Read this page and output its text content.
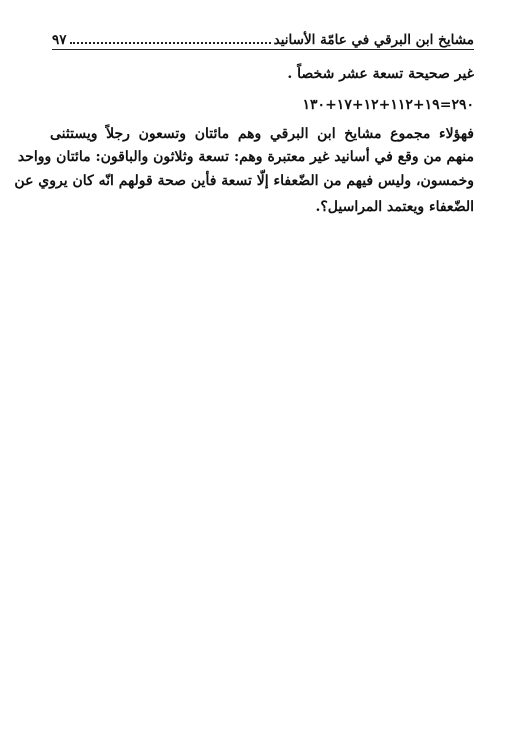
مشايخ ابن البرقي في عامّة الأسانيد
٩٧
غير صحيحة تسعة عشر شخصاً .
٢٩٠=١٩+١١٢+١٢+١٧+١٣٠
فهؤلاء مجموع مشايخ ابن البرقي وهم مائتان وتسعون رجلاً ويستثنى
منهم من وقع في أسانيد غير معتبرة وهم: تسعة وثلاثون والباقون: مائتان وواحد
وخمسون، وليس فيهم من الضّعفاء إلّا تسعة فأين صحة قولهم انّه كان يروي عن
الضّعفاء ويعتمد المراسيل؟.
